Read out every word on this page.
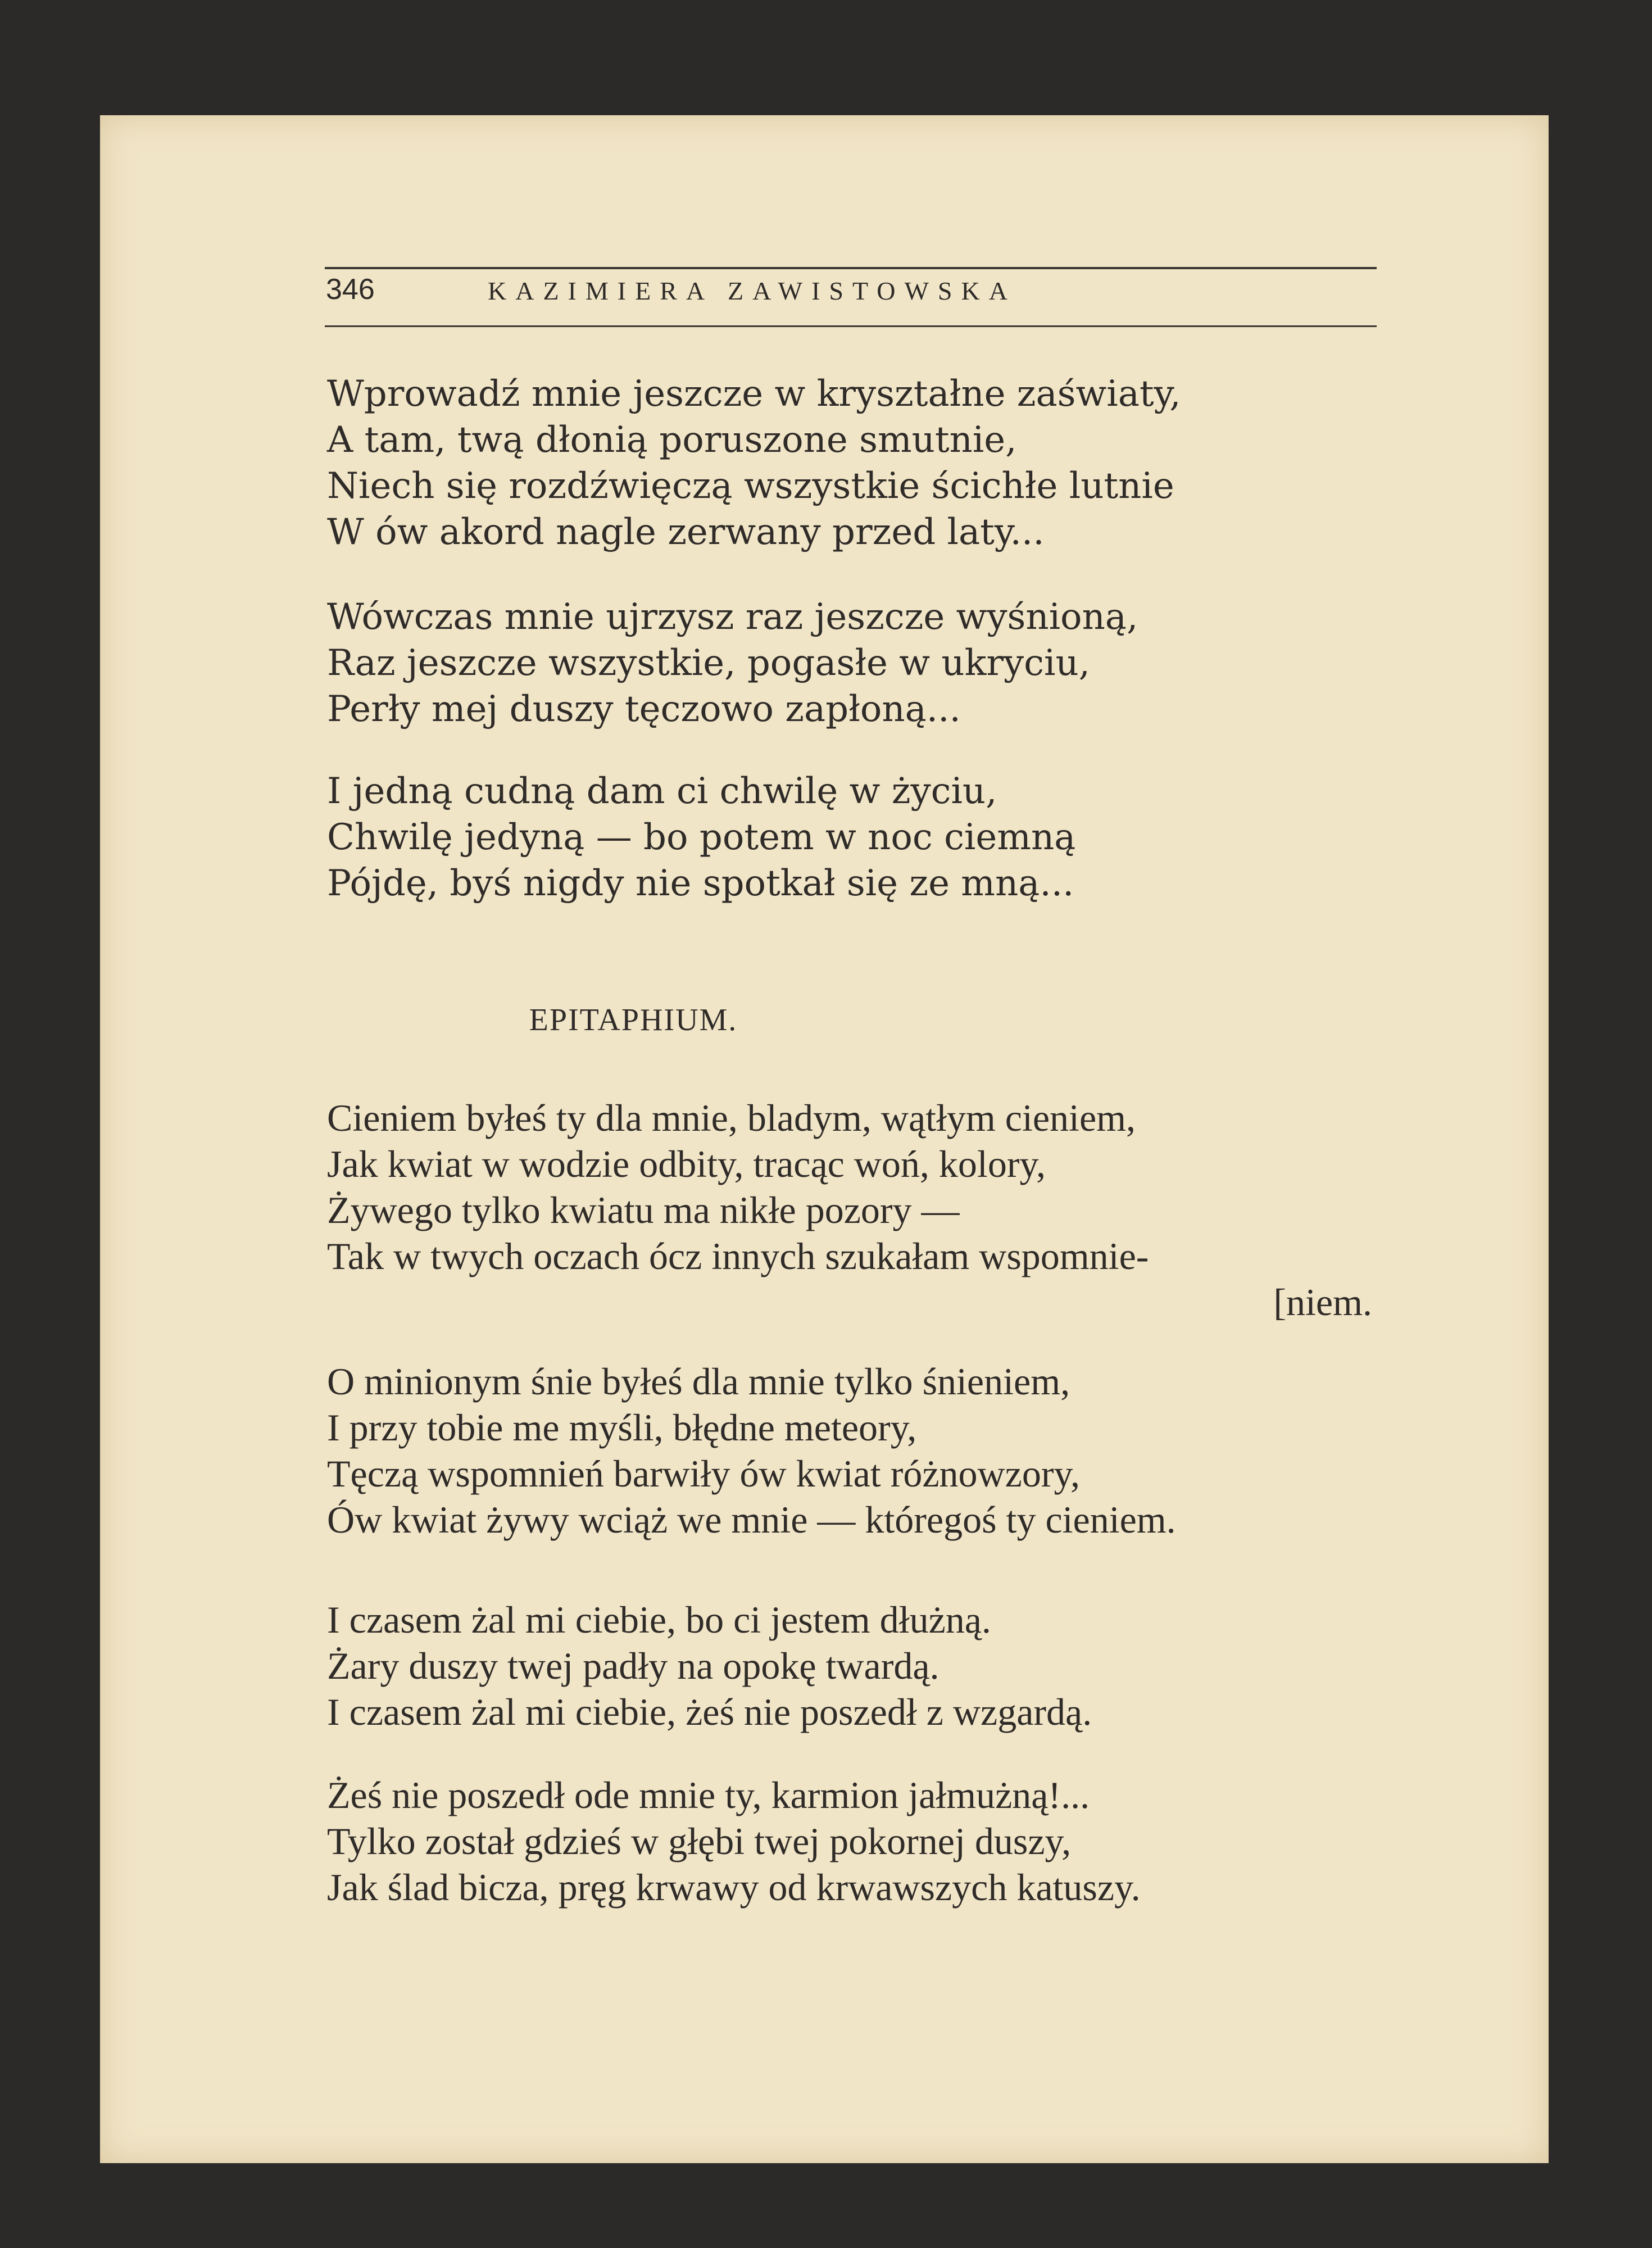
346	KAZIMIERA ZAWISTOWSKA
Wprowadź mnie jeszcze w kryształne zaświaty,
A tam, twą dłonią poruszone smutnie,
Niech się rozdźwięczą wszystkie ścichłe lutnie
W ów akord nagle zerwany przed laty...
Wówczas mnie ujrzysz raz jeszcze wyśnioną,
Raz jeszcze wszystkie, pogasłe w ukryciu,
Perły mej duszy tęczowo zapłoną...
I jedną cudną dam ci chwilę w życiu,
Chwilę jedyną — bo potem w noc ciemną
Pójdę, byś nigdy nie spotkał się ze mną...
EPITAPHIUM.
Cieniem byłeś ty dla mnie, bladym, wątłym cieniem,
Jak kwiat w wodzie odbity, tracąc woń, kolory,
Żywego tylko kwiatu ma nikłe pozory —
Tak w twych oczach ócz innych szukałam wspomnie-
[niem.
O minionym śnie byłeś dla mnie tylko śnieniem,
I przy tobie me myśli, błędne meteory,
Tęczą wspomnień barwiły ów kwiat różnowzory,
Ów kwiat żywy wciąż we mnie — któregoś ty cieniem.
I czasem żal mi ciebie, bo ci jestem dłużną.
Żary duszy twej padły na opokę twardą.
I czasem żal mi ciebie, żeś nie poszedł z wzgardą.
Żeś nie poszedł ode mnie ty, karmion jałmużną!...
Tylko został gdzieś w głębi twej pokornej duszy,
Jak ślad bicza, pręg krwawy od krwawszych katuszy.
